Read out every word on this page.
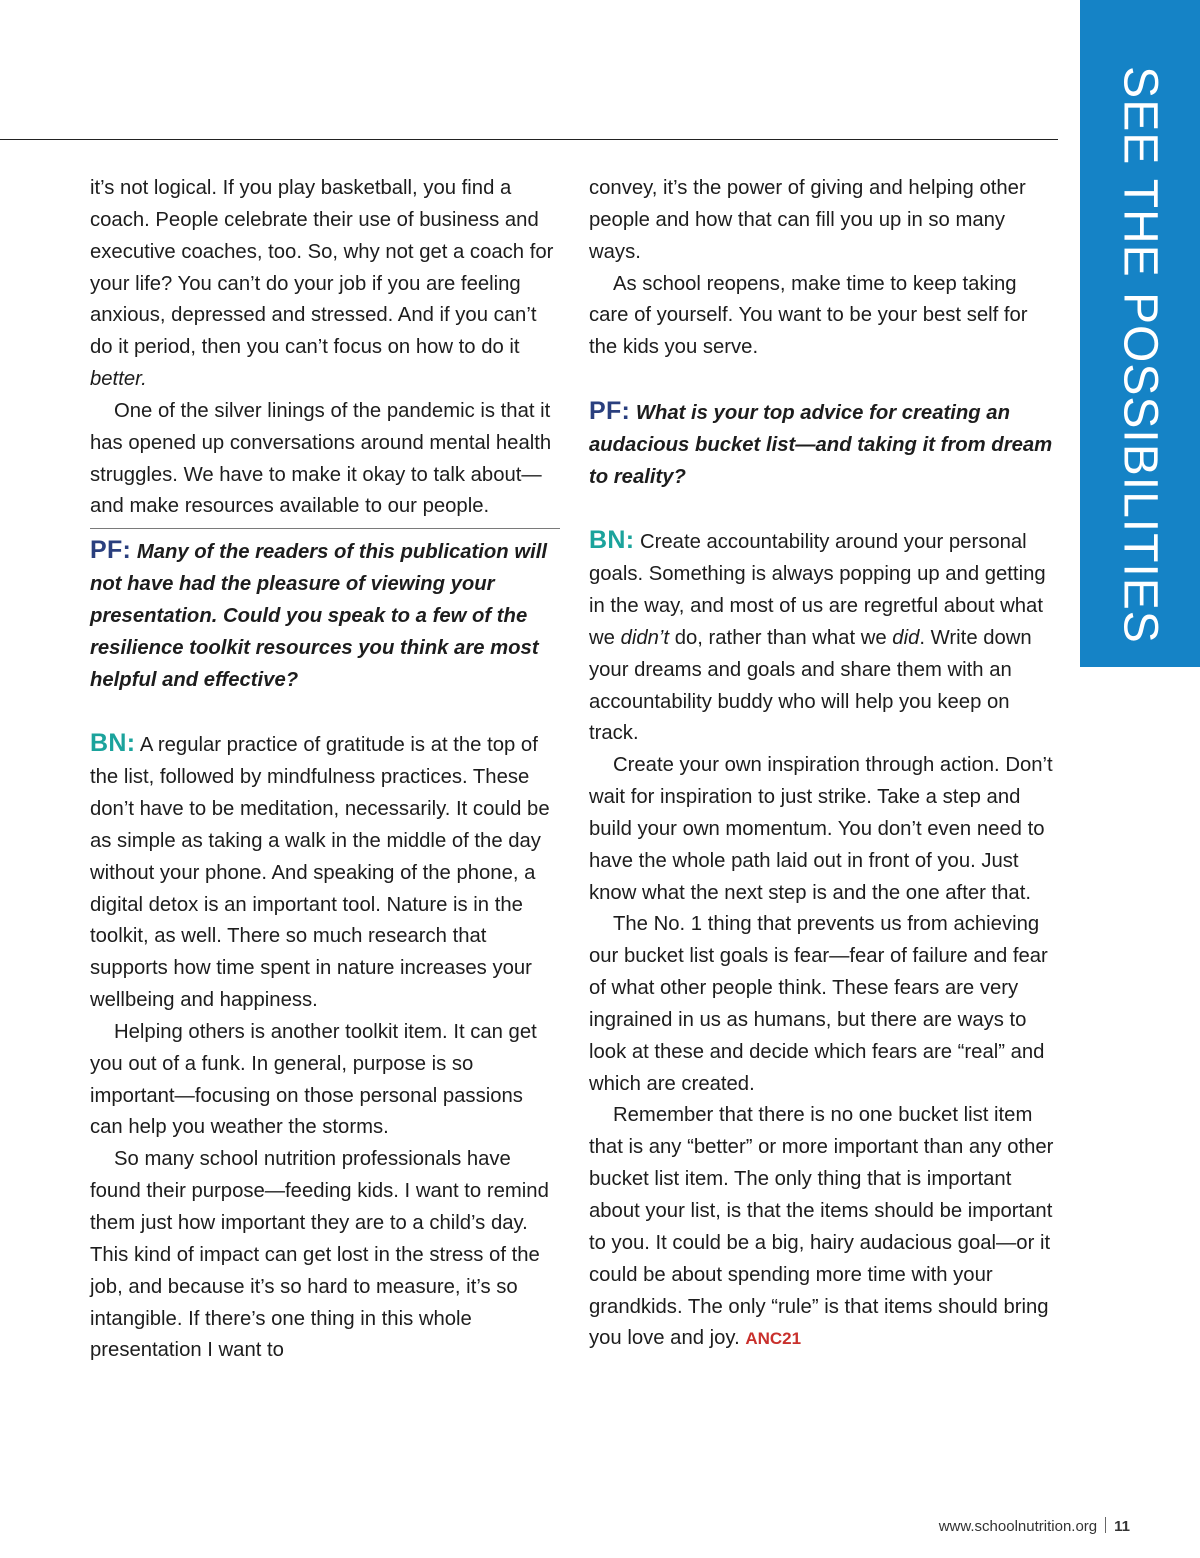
SEE THE POSSIBILITIES

it’s not logical. If you play basketball, you find a coach. People celebrate their use of business and executive coaches, too. So, why not get a coach for your life? You can’t do your job if you are feeling anxious, depressed and stressed. And if you can’t do it period, then you can’t focus on how to do it better.

One of the silver linings of the pandemic is that it has opened up conversations around mental health struggles. We have to make it okay to talk about—and make resources available to our people.

PF: Many of the readers of this publication will not have had the pleasure of viewing your presentation. Could you speak to a few of the resilience toolkit resources you think are most helpful and effective?

BN: A regular practice of gratitude is at the top of the list, followed by mindfulness practices. These don’t have to be meditation, necessarily. It could be as simple as taking a walk in the middle of the day without your phone. And speaking of the phone, a digital detox is an important tool. Nature is in the toolkit, as well. There so much research that supports how time spent in nature increases your wellbeing and happiness.

Helping others is another toolkit item. It can get you out of a funk. In general, purpose is so important—focusing on those personal passions can help you weather the storms.

So many school nutrition professionals have found their purpose—feeding kids. I want to remind them just how important they are to a child’s day. This kind of impact can get lost in the stress of the job, and because it’s so hard to measure, it’s so intangible. If there’s one thing in this whole presentation I want to

convey, it’s the power of giving and helping other people and how that can fill you up in so many ways.

As school reopens, make time to keep taking care of yourself. You want to be your best self for the kids you serve.

PF: What is your top advice for creating an audacious bucket list—and taking it from dream to reality?

BN: Create accountability around your personal goals. Something is always popping up and getting in the way, and most of us are regretful about what we didn’t do, rather than what we did. Write down your dreams and goals and share them with an accountability buddy who will help you keep on track.

Create your own inspiration through action. Don’t wait for inspiration to just strike. Take a step and build your own momentum. You don’t even need to have the whole path laid out in front of you. Just know what the next step is and the one after that.

The No. 1 thing that prevents us from achieving our bucket list goals is fear—fear of failure and fear of what other people think. These fears are very ingrained in us as humans, but there are ways to look at these and decide which fears are “real” and which are created.

Remember that there is no one bucket list item that is any “better” or more important than any other bucket list item. The only thing that is important about your list, is that the items should be important to you. It could be a big, hairy audacious goal—or it could be about spending more time with your grandkids. The only “rule” is that items should bring you love and joy. ANC21

www.schoolnutrition.org 11
